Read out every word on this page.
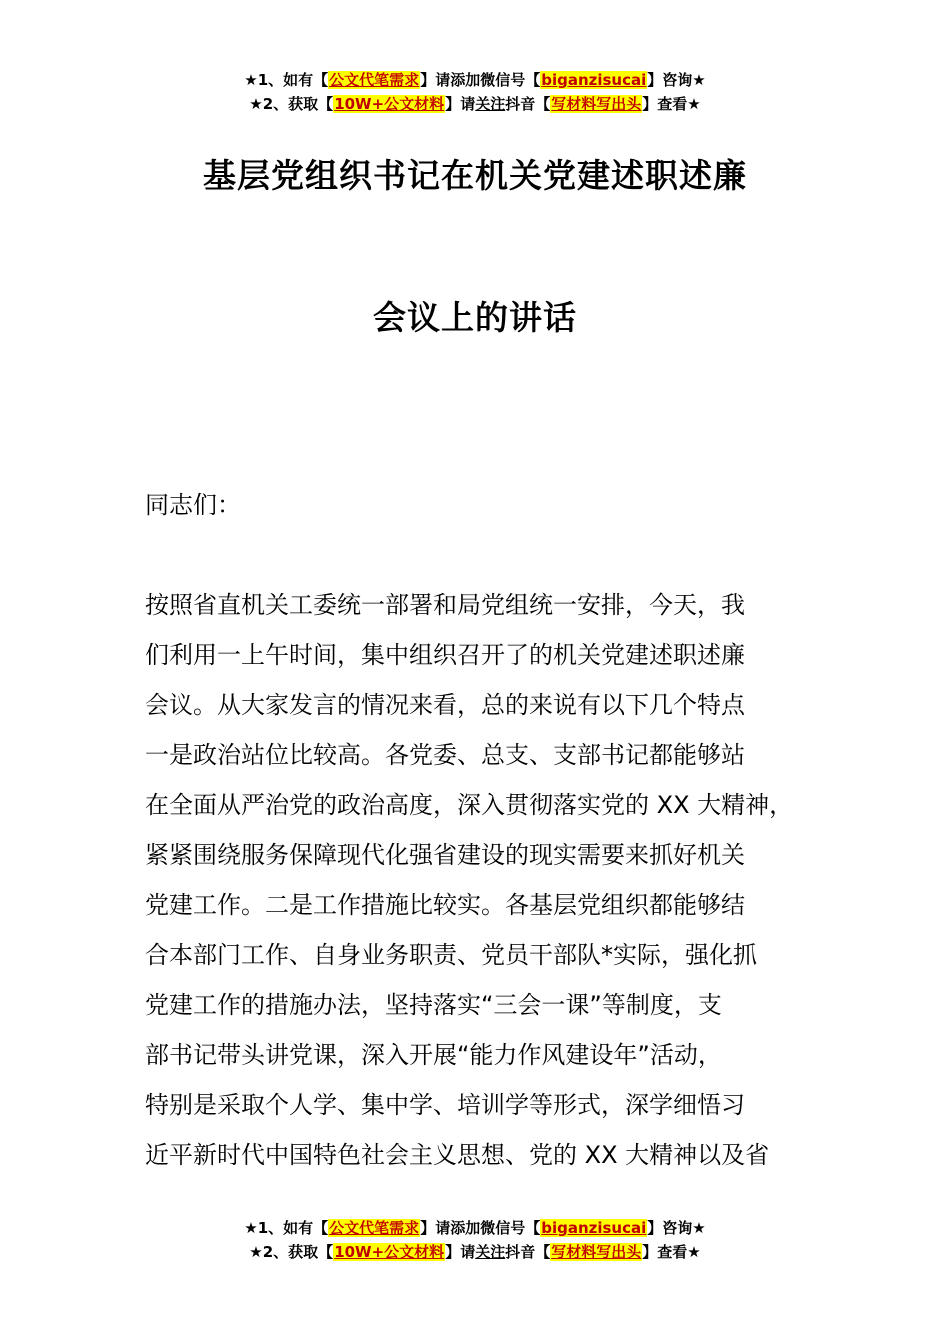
★1、如有【公文代笔需求】请添加微信号【biganzisucai】咨询★
★2、获取【10W+公文材料】请关注抖音【写材料写出头】查看★
基层党组织书记在机关党建述职述廉
会议上的讲话
同志们：
按照省直机关工委统一部署和局党组统一安排，今天，我
们利用一上午时间，集中组织召开了的机关党建述职述廉
会议。从大家发言的情况来看，总的来说有以下几个特点
一是政治站位比较高。各党委、总支、支部书记都能够站
在全面从严治党的政治高度，深入贯彻落实党的 XX 大精神，
紧紧围绕服务保障现代化强省建设的现实需要来抓好机关
党建工作。二是工作措施比较实。各基层党组织都能够结
合本部门工作、自身业务职责、党员干部队*实际，强化抓
党建工作的措施办法，坚持落实“三会一课”等制度，支
部书记带头讲党课，深入开展“能力作风建设年”活动，
特别是采取个人学、集中学、培训学等形式，深学细悟习
近平新时代中国特色社会主义思想、党的 XX 大精神以及省
★1、如有【公文代笔需求】请添加微信号【biganzisucai】咨询★
★2、获取【10W+公文材料】请关注抖音【写材料写出头】查看★
